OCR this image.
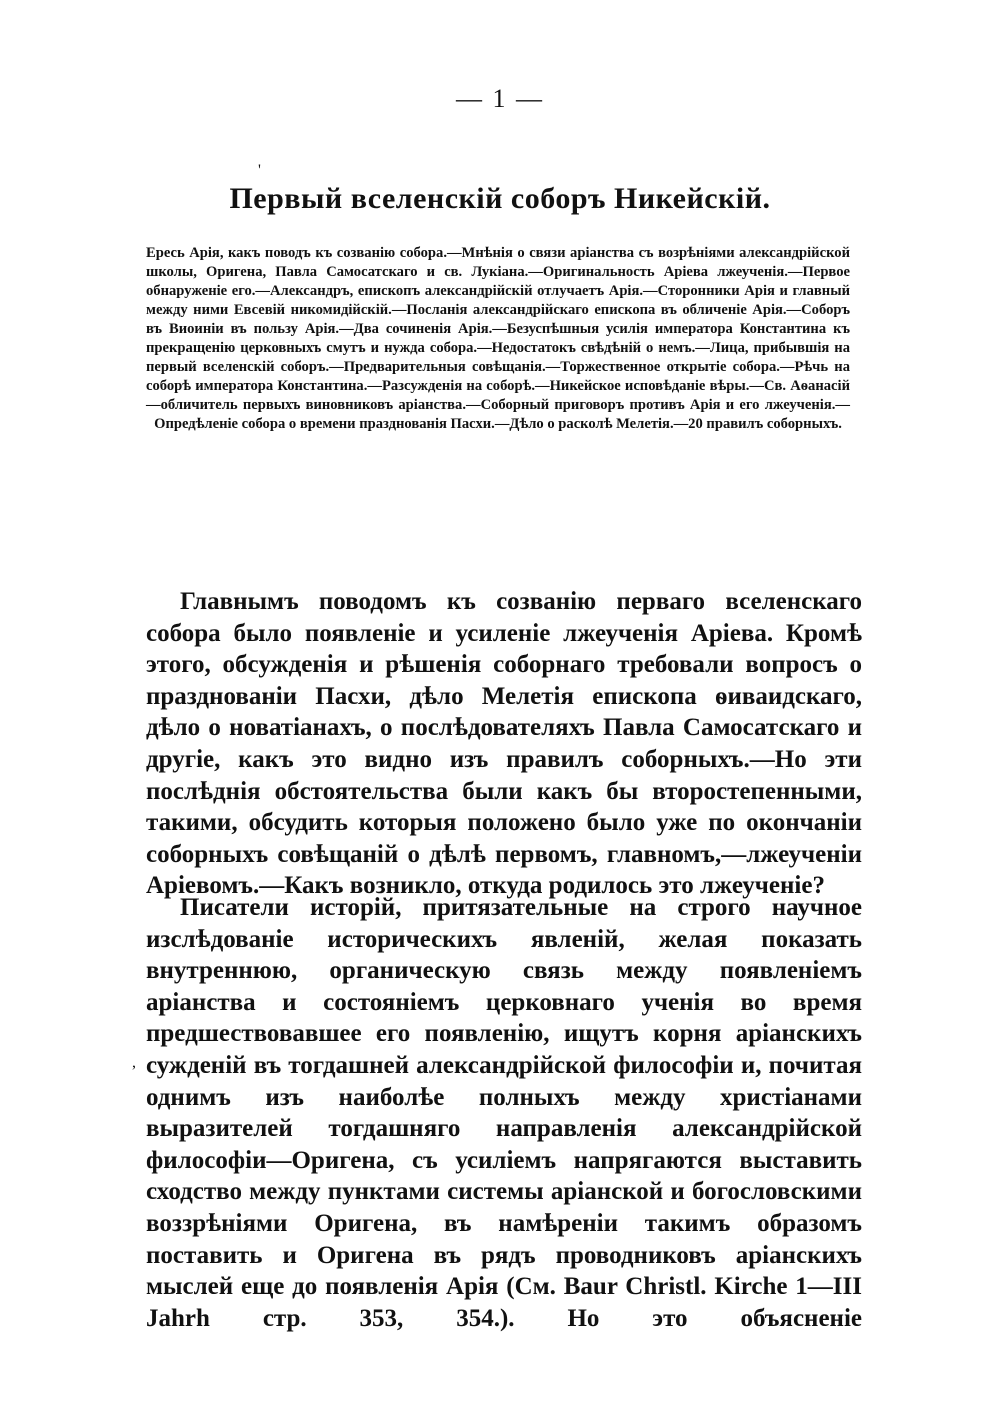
— 1 —
'
Первый вселенскій соборъ Никейскій.

Ересь Арія, какъ поводъ къ созванію собора.—Мнѣнія о связи аріанства съ возрѣніями александрійской школы, Оригена, Павла Самосатскаго и св. Лукіана.—Оригинальность Аріева лжеученія.—Первое обнаруженіе его.—Александръ, епископъ александрійскій отлучаетъ Арія.—Сторонники Арія и главный между ними Евсевій никомидійскій.—Посланія александрійскаго епископа въ обличеніе Арія.—Соборъ въ Виоиніи въ пользу Арія.—Два сочиненія Арія.—Безуспѣшныя усилія императора Константина къ прекращенію церковныхъ смутъ и нужда собора.—Недостатокъ свѣдѣній о немъ.—Лица, прибывшія на первый вселенскій соборъ.—Предварительныя совѣщанія.—Торжественное открытіе собора.—Рѣчь на соборѣ императора Константина.—Разсужденія на соборѣ.—Никейское исповѣданіе вѣры.—Св. Аѳанасій—обличитель первыхъ виновниковъ аріанства.—Соборный приговоръ противъ Арія и его лжеученія.—Опредѣленіе собора о времени празднованія Пасхи.—Дѣло о расколѣ Мелетія.—20 правилъ соборныхъ.

Главнымъ поводомъ къ созванію перваго вселенскаго собора было появленіе и усиленіе лжеученія Аріева. Кромѣ этого, обсужденія и рѣшенія соборнаго требовали вопросъ о празднованіи Пасхи, дѣло Мелетія епископа ѳиваидскаго, дѣло о новатіанахъ, о послѣдователяхъ Павла Самосатскаго и другіе, какъ это видно изъ правилъ соборныхъ.—Но эти послѣднія обстоятельства были какъ бы второстепенными, такими, обсудить которыя положено было уже по окончаніи соборныхъ совѣщаній о дѣлѣ первомъ, главномъ,—лжеученіи Аріевомъ.—Какъ возникло, откуда родилось это лжеученіе?

,

Писатели исторій, притязательные на строго научное изслѣдованіе историческихъ явленій, желая показать внутреннюю, органическую связь между появленіемъ аріанства и состояніемъ церковнаго ученія во время предшествовавшее его появленію, ищутъ корня аріанскихъ сужденій въ тогдашней александрійской философіи и, почитая однимъ изъ наиболѣе полныхъ между христіанами выразителей тогдашняго направленія александрійской философіи—Оригена, съ усиліемъ напрягаются выставить сходство между пунктами системы аріанской и богословскими воззрѣніями Оригена, въ намѣреніи такимъ образомъ поставить и Оригена въ рядъ проводниковъ аріанскихъ мыслей еще до появленія Арія (См. Baur Christl. Kirche 1—III Jahrh стр. 353, 354.). Но это объясненіе
